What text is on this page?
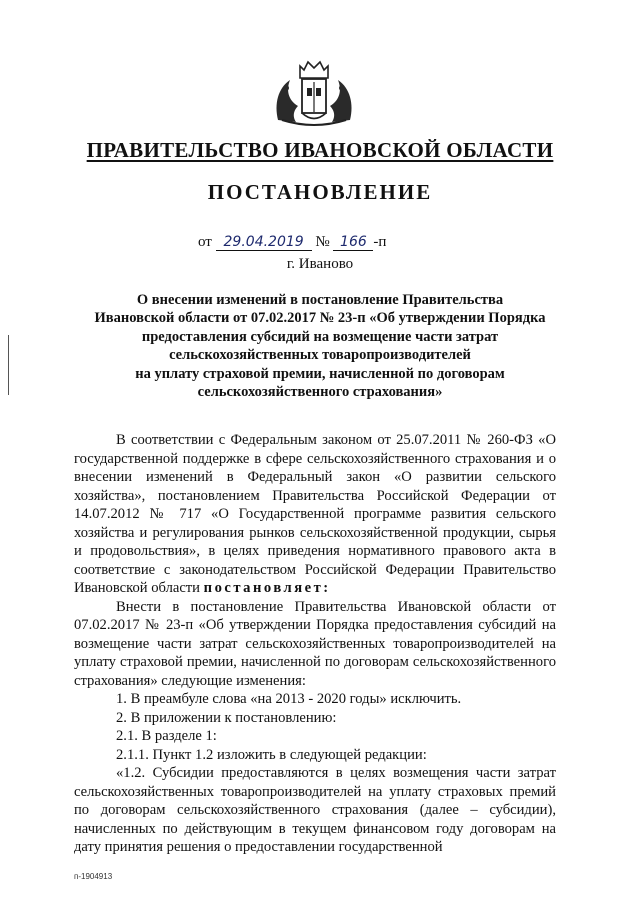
ПРАВИТЕЛЬСТВО ИВАНОВСКОЙ ОБЛАСТИ
ПОСТАНОВЛЕНИЕ
от 29.04.2019 № 166 -п
г. Иваново
О внесении изменений в постановление Правительства
Ивановской области от 07.02.2017 № 23-п «Об утверждении Порядка
предоставления субсидий на возмещение части затрат
сельскохозяйственных товаропроизводителей
на уплату страховой премии, начисленной по договорам
сельскохозяйственного страхования»

В соответствии с Федеральным законом от 25.07.2011 № 260-ФЗ «О государственной поддержке в сфере сельскохозяйственного страхования и о внесении изменений в Федеральный закон «О развитии сельского хозяйства», постановлением Правительства Российской Федерации от 14.07.2012 № 717 «О Государственной программе развития сельского хозяйства и регулирования рынков сельскохозяйственной продукции, сырья и продовольствия», в целях приведения нормативного правового акта в соответствие с законодательством Российской Федерации Правительство Ивановской области постановляет:

Внести в постановление Правительства Ивановской области от 07.02.2017 № 23-п «Об утверждении Порядка предоставления субсидий на возмещение части затрат сельскохозяйственных товаропроизводителей на уплату страховой премии, начисленной по договорам сельскохозяйственного страхования» следующие изменения:

1. В преамбуле слова «на 2013 - 2020 годы» исключить.

2. В приложении к постановлению:

2.1. В разделе 1:

2.1.1. Пункт 1.2 изложить в следующей редакции:

«1.2. Субсидии предоставляются в целях возмещения части затрат сельскохозяйственных товаропроизводителей на уплату страховых премий по договорам сельскохозяйственного страхования (далее – субсидии), начисленных по действующим в текущем финансовом году договорам на дату принятия решения о предоставлении государственной

п-1904913
